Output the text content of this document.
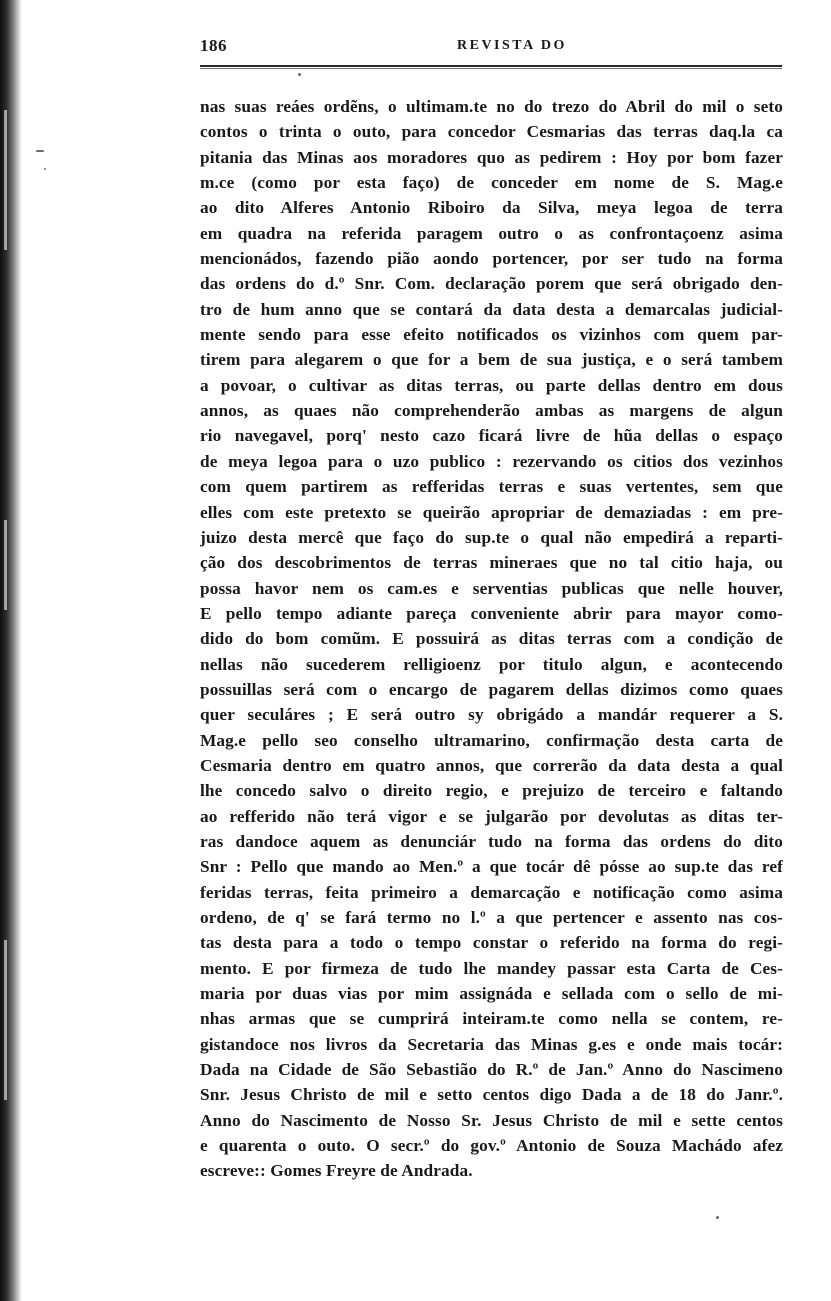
186	REVISTA DO
nas suas reáes ordẽns, o ultimam.te no do trezo do Abril do mil o seto
contos o trinta o outo, para concedor Cesmarias das terras daq.la ca
pitania das Minas aos moradores quo as pedirem : Hoy por bom fazer
m.ce (como por esta faço) de conceder em nome de S. Mag.e
ao dito Alferes Antonio Riboiro da Silva, meya legoa de terra
em quadra na referida paragem outro o as confrontaçoenz asima
mencionádos, fazendo pião aondo portencer, por ser tudo na forma
das ordens do d.º Snr. Com. declaração porem que será obrigado den-
tro de hum anno que se contará da data desta a demarcalas judicial-
mente sendo para esse efeito notificados os vizinhos com quem par-
tirem para alegarem o que for a bem de sua justiça, e o será tambem
a povoar, o cultivar as ditas terras, ou parte dellas dentro em dous
annos, as quaes não comprehenderão ambas as margens de algun
rio navegavel, porq' nesto cazo ficará livre de hũa dellas o espaço
de meya legoa para o uzo publico : rezervando os citios dos vezinhos
com quem partirem as refferidas terras e suas vertentes, sem que
elles com este pretexto se queirão apropriar de demaziadas : em pre-
juizo desta mercê que faço do sup.te o qual não empedirá a reparti-
ção dos descobrimentos de terras mineraes que no tal citio haja, ou
possa havor nem os cam.es e serventias publicas que nelle houver,
E pello tempo adiante pareça conveniente abrir para mayor como-
dido do bom comũm. E possuirá as ditas terras com a condição de
nellas não sucederem relligioenz por titulo algun, e acontecendo
possuillas será com o encargo de pagarem dellas dizimos como quaes
quer seculáres ; E será outro sy obrigádo a mandár requerer a S.
Mag.e pello seo conselho ultramarino, confirmação desta carta de
Cesmaria dentro em quatro annos, que correrão da data desta a qual
lhe concedo salvo o direito regio, e prejuizo de terceiro e faltando
ao refferido não terá vigor e se julgarão por devolutas as ditas ter-
ras dandoce aquem as denunciár tudo na forma das ordens do dito
Snr : Pello que mando ao Men.º a que tocár dê pósse ao sup.te das ref
feridas terras, feita primeiro a demarcação e notificação como asima
ordeno, de q' se fará termo no l.º a que pertencer e assento nas cos-
tas desta para a todo o tempo constar o referido na forma do regi-
mento. E por firmeza de tudo lhe mandey passar esta Carta de Ces-
maria por duas vias por mim assignáda e sellada com o sello de mi-
nhas armas que se cumprirá inteiram.te como nella se contem, re-
gistandoce nos livros da Secretaria das Minas g.es e onde mais tocár:
Dada na Cidade de São Sebastião do R.º de Jan.º Anno do Nascimeno
Snr. Jesus Christo de mil e setto centos digo Dada a de 18 do Janr.º.
Anno do Nascimento de Nosso Sr. Jesus Christo de mil e sette centos
e quarenta o outo. O secr.º do gov.º Antonio de Souza Machádo afez
escreve:: Gomes Freyre de Andrada.
